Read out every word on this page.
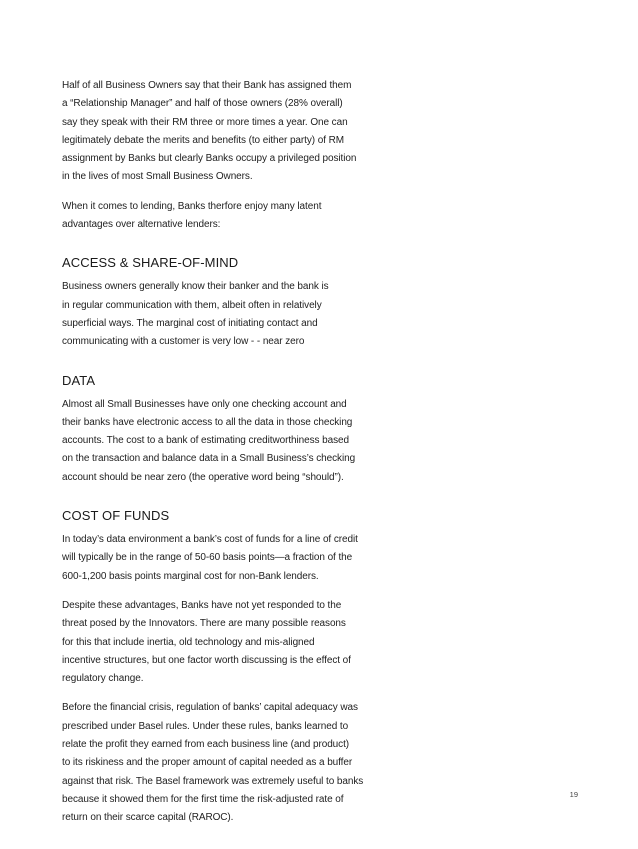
Half of all Business Owners say that their Bank has assigned them
a “Relationship Manager” and half of those owners (28% overall)
say they speak with their RM three or more times a year. One can
legitimately debate the merits and benefits (to either party) of RM
assignment by Banks but clearly Banks occupy a privileged position
in the lives of most Small Business Owners.
When it comes to lending, Banks therfore enjoy many latent
advantages over alternative lenders:
ACCESS & SHARE-OF-MIND
Business owners generally know their banker and the bank is
in regular communication with them, albeit often in relatively
superficial ways. The marginal cost of initiating contact and
communicating with a customer is very low - - near zero
DATA
Almost all Small Businesses have only one checking account and
their banks have electronic access to all the data in those checking
accounts. The cost to a bank of estimating creditworthiness based
on the transaction and balance data in a Small Business’s checking
account should be near zero (the operative word being “should”).
COST OF FUNDS
In today’s data environment a bank’s cost of funds for a line of credit
will typically be in the range of 50-60 basis points—a fraction of the
600-1,200 basis points marginal cost for non-Bank lenders.
Despite these advantages, Banks have not yet responded to the
threat posed by the Innovators. There are many possible reasons
for this that include inertia, old technology and mis-aligned
incentive structures, but one factor worth discussing is the effect of
regulatory change.
Before the financial crisis, regulation of banks’ capital adequacy was
prescribed under Basel rules. Under these rules, banks learned to
relate the profit they earned from each business line (and product)
to its riskiness and the proper amount of capital needed as a buffer
against that risk. The Basel framework was extremely useful to banks
because it showed them for the first time the risk-adjusted rate of
return on their scarce capital (RAROC).
19
